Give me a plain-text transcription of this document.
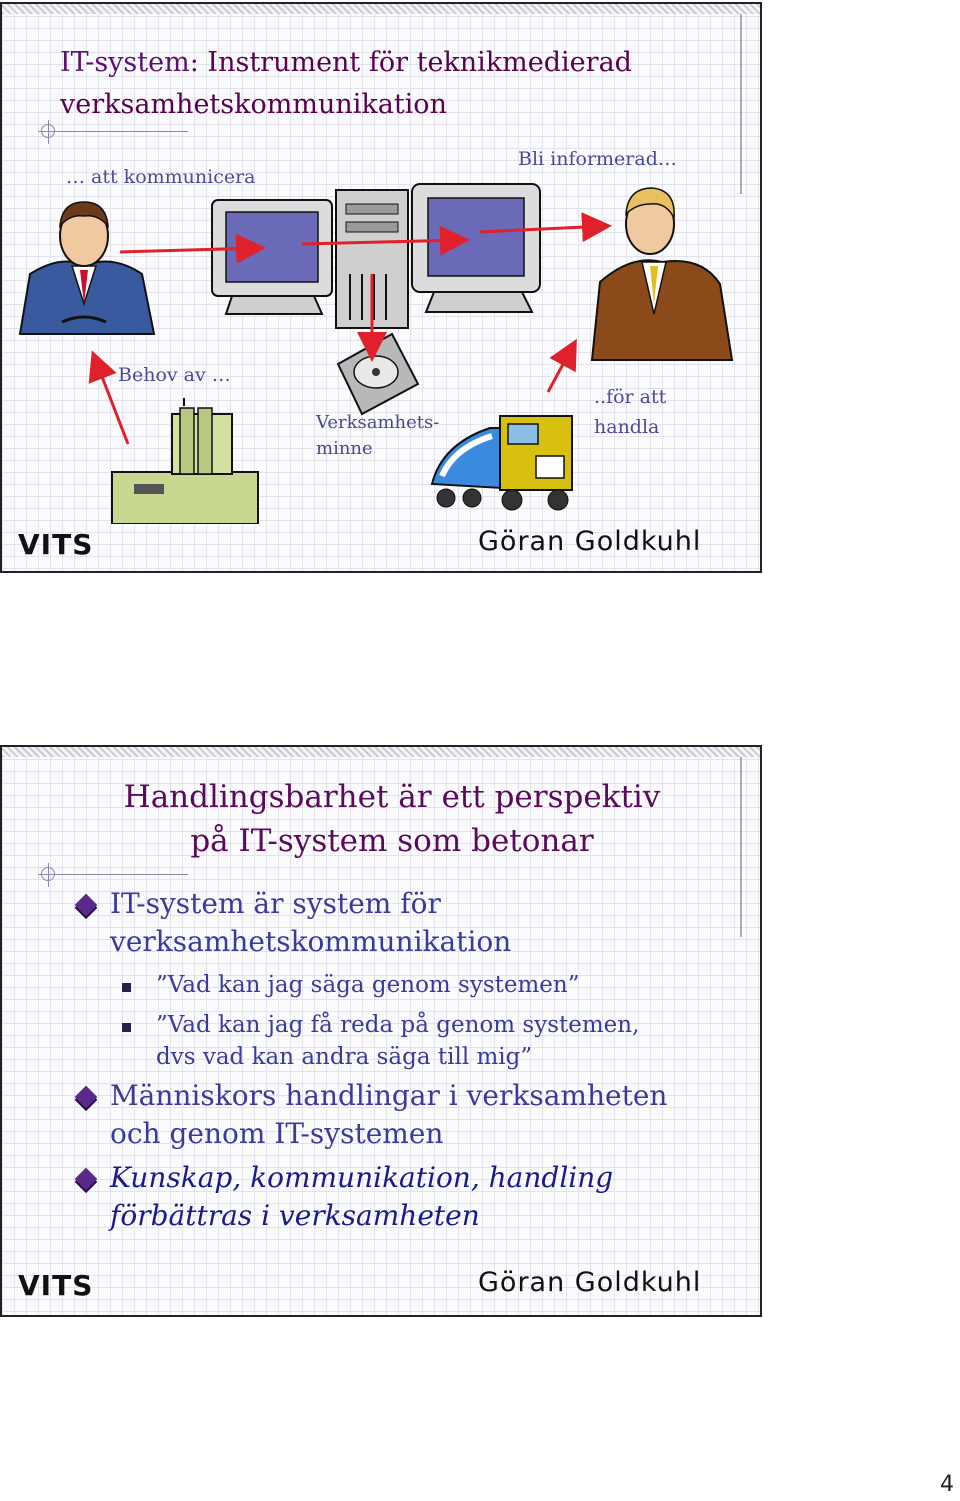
IT-system: Instrument för teknikmedierad verksamhetskommunikation
… att kommunicera
Bli informerad…
Behov av …
Verksamhets-
minne
..för att
handla
VITS	Göran Goldkuhl
Handlingsbarhet är ett perspektiv på IT-system som betonar
IT-system är system för
verksamhetskommunikation
”Vad kan jag säga genom systemen”
”Vad kan jag få reda på genom systemen,
dvs vad kan andra säga till mig”
Människors handlingar i verksamheten
och genom IT-systemen
Kunskap, kommunikation, handling
förbättras i verksamheten
VITS	Göran Goldkuhl
4
